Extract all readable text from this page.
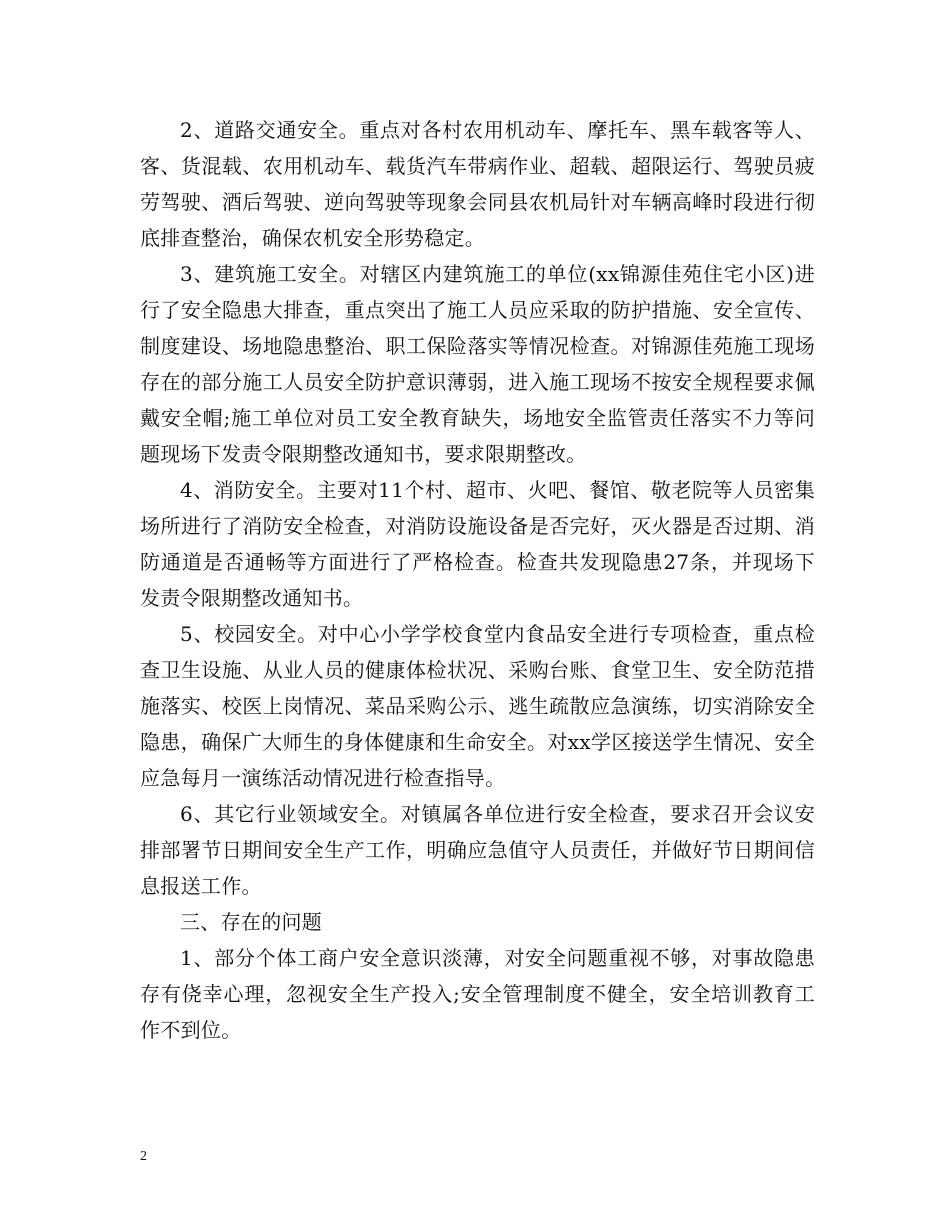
2、道路交通安全。重点对各村农用机动车、摩托车、黑车载客等人、客、货混载、农用机动车、载货汽车带病作业、超载、超限运行、驾驶员疲劳驾驶、酒后驾驶、逆向驾驶等现象会同县农机局针对车辆高峰时段进行彻底排查整治，确保农机安全形势稳定。

3、建筑施工安全。对辖区内建筑施工的单位(xx锦源佳苑住宅小区)进行了安全隐患大排查，重点突出了施工人员应采取的防护措施、安全宣传、制度建设、场地隐患整治、职工保险落实等情况检查。对锦源佳苑施工现场存在的部分施工人员安全防护意识薄弱，进入施工现场不按安全规程要求佩戴安全帽;施工单位对员工安全教育缺失，场地安全监管责任落实不力等问题现场下发责令限期整改通知书，要求限期整改。

4、消防安全。主要对11个村、超市、火吧、餐馆、敬老院等人员密集场所进行了消防安全检查，对消防设施设备是否完好，灭火器是否过期、消防通道是否通畅等方面进行了严格检查。检查共发现隐患27条，并现场下发责令限期整改通知书。

5、校园安全。对中心小学学校食堂内食品安全进行专项检查，重点检查卫生设施、从业人员的健康体检状况、采购台账、食堂卫生、安全防范措施落实、校医上岗情况、菜品采购公示、逃生疏散应急演练，切实消除安全隐患，确保广大师生的身体健康和生命安全。对xx学区接送学生情况、安全应急每月一演练活动情况进行检查指导。

6、其它行业领域安全。对镇属各单位进行安全检查，要求召开会议安排部署节日期间安全生产工作，明确应急值守人员责任，并做好节日期间信息报送工作。

三、存在的问题

1、部分个体工商户安全意识淡薄，对安全问题重视不够，对事故隐患存有侥幸心理，忽视安全生产投入;安全管理制度不健全，安全培训教育工作不到位。

2
